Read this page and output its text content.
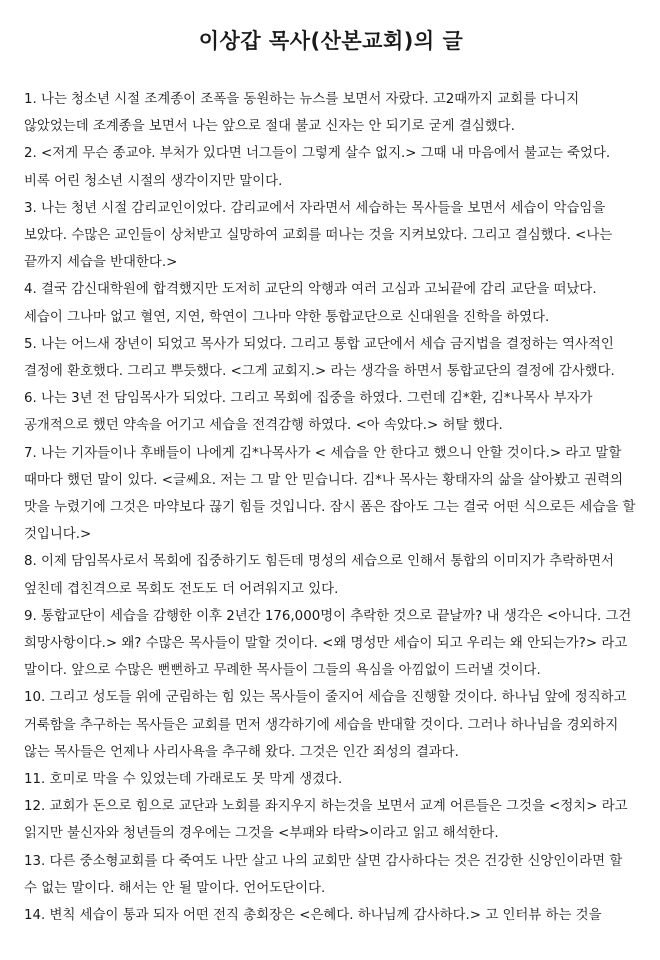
이상갑 목사(산본교회)의 글

1. 나는 청소년 시절 조계종이 조폭을 동원하는 뉴스를 보면서 자랐다. 고2때까지 교회를 다니지 않았었는데 조계종을 보면서 나는 앞으로 절대 불교 신자는 안 되기로 굳게 결심했다.

2. <저게 무슨 종교야. 부처가 있다면 너그들이 그렇게 살수 없지.> 그때 내 마음에서 불교는 죽었다. 비록 어린 청소년 시절의 생각이지만 말이다.

3. 나는 청년 시절 감리교인이었다. 감리교에서 자라면서 세습하는 목사들을 보면서 세습이 악습임을 보았다. 수많은 교인들이 상처받고 실망하여 교회를 떠나는 것을 지켜보았다. 그리고 결심했다. <나는 끝까지 세습을 반대한다.>

4. 결국 감신대학원에 합격했지만 도저히 교단의 악행과 여러 고심과 고뇌끝에 감리 교단을 떠났다. 세습이 그나마 없고 혈연, 지연, 학연이 그나마 약한 통합교단으로 신대원을 진학을 하였다.

5. 나는 어느새 장년이 되었고 목사가 되었다. 그리고 통합 교단에서 세습 금지법을 결정하는 역사적인 결정에 환호했다. 그리고 뿌듯했다. <그게 교회지.> 라는 생각을 하면서 통합교단의 결정에 감사했다.

6. 나는 3년 전 담임목사가 되었다. 그리고 목회에 집중을 하였다. 그런데 김*환, 김*나목사 부자가 공개적으로 했던 약속을 어기고 세습을 전격감행 하였다. <아 속았다.> 허탈 했다.

7. 나는 기자들이나 후배들이 나에게 김*나목사가 < 세습을 안 한다고 했으니 안할 것이다.> 라고 말할 때마다 했던 말이 있다. <글쎄요. 저는 그 말 안 믿습니다. 김*나 목사는 황태자의 삶을 살아봤고 권력의 맛을 누렸기에 그것은 마약보다 끊기 힘들 것입니다. 잠시 폼은 잡아도 그는 결국 어떤 식으로든 세습을 할 것입니다.>

8. 이제 담임목사로서 목회에 집중하기도 힘든데 명성의 세습으로 인해서 통합의 이미지가 추락하면서 엎친데 겹친격으로 목회도 전도도 더 어려워지고 있다.

9. 통합교단이 세습을 감행한 이후 2년간 176,000명이 추락한 것으로 끝날까? 내 생각은 <아니다. 그건 희망사항이다.> 왜? 수많은 목사들이 말할 것이다. <왜 명성만 세습이 되고 우리는 왜 안되는가?> 라고 말이다. 앞으로 수많은 뻔뻔하고 무례한 목사들이 그들의 욕심을 아낌없이 드러낼 것이다.

10. 그리고 성도들 위에 군림하는 힘 있는 목사들이 줄지어 세습을 진행할 것이다. 하나님 앞에 정직하고 거룩함을 추구하는 목사들은 교회를 먼저 생각하기에 세습을 반대할 것이다. 그러나 하나님을 경외하지 않는 목사들은 언제나 사리사욕을 추구해 왔다. 그것은 인간 죄성의 결과다.

11. 호미로 막을 수 있었는데 가래로도 못 막게 생겼다.

12. 교회가 돈으로 힘으로 교단과 노회를 좌지우지 하는것을 보면서 교계 어른들은 그것을 <정치> 라고 읽지만 불신자와 청년들의 경우에는 그것을 <부패와 타락>이라고 읽고 해석한다.

13. 다른 중소형교회를 다 죽여도 나만 살고 나의 교회만 살면 감사하다는 것은 건강한 신앙인이라면 할 수 없는 말이다. 해서는 안 될 말이다. 언어도단이다.

14. 변칙 세습이 통과 되자 어떤 전직 총회장은 <은혜다. 하나님께 감사하다.> 고 인터뷰 하는 것을
